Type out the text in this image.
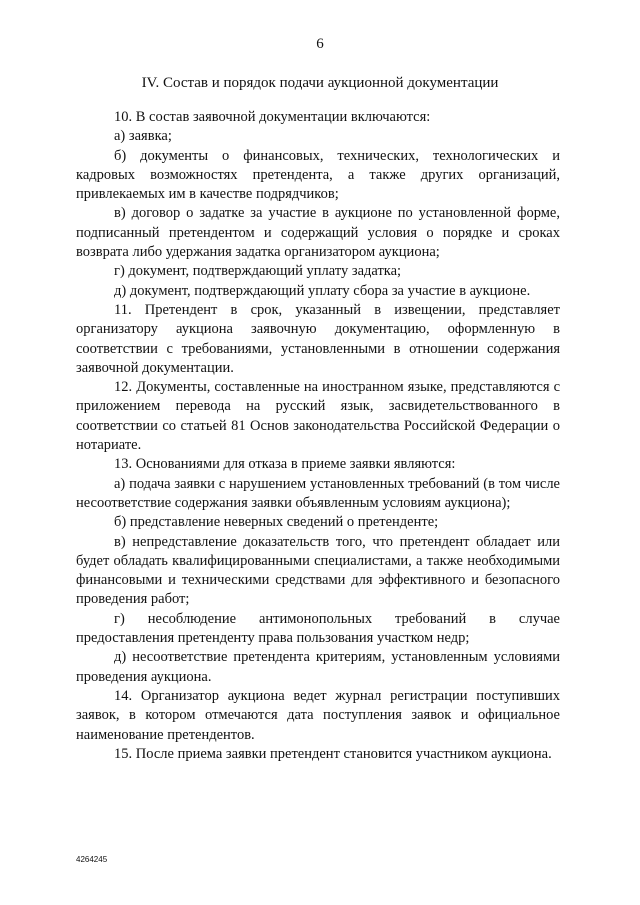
6
IV. Состав и порядок подачи аукционной документации

10. В состав заявочной документации включаются:

а) заявка;

б) документы о финансовых, технических, технологических и кадровых возможностях претендента, а также других организаций, привлекаемых им в качестве подрядчиков;

в) договор о задатке за участие в аукционе по установленной форме, подписанный претендентом и содержащий условия о порядке и сроках возврата либо удержания задатка организатором аукциона;

г) документ, подтверждающий уплату задатка;

д) документ, подтверждающий уплату сбора за участие в аукционе.

11. Претендент в срок, указанный в извещении, представляет организатору аукциона заявочную документацию, оформленную в соответствии с требованиями, установленными в отношении содержания заявочной документации.

12. Документы, составленные на иностранном языке, представляются с приложением перевода на русский язык, засвидетельствованного в соответствии со статьей 81 Основ законодательства Российской Федерации о нотариате.

13. Основаниями для отказа в приеме заявки являются:

а) подача заявки с нарушением установленных требований (в том числе несоответствие содержания заявки объявленным условиям аукциона);

б) представление неверных сведений о претенденте;

в) непредставление доказательств того, что претендент обладает или будет обладать квалифицированными специалистами, а также необходимыми финансовыми и техническими средствами для эффективного и безопасного проведения работ;

г) несоблюдение антимонопольных требований в случае предоставления претенденту права пользования участком недр;

д) несоответствие претендента критериям, установленным условиями проведения аукциона.

14. Организатор аукциона ведет журнал регистрации поступивших заявок, в котором отмечаются дата поступления заявок и официальное наименование претендентов.

15. После приема заявки претендент становится участником аукциона.

4264245
